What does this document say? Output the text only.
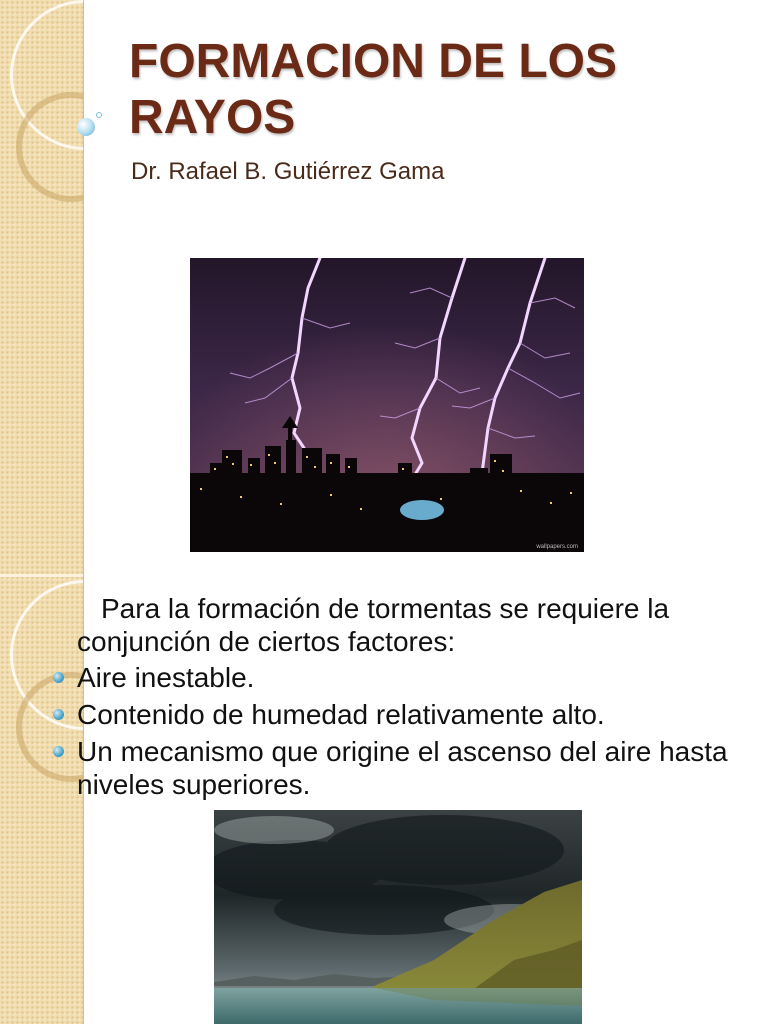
FORMACION DE LOS RAYOS
Dr. Rafael B. Gutiérrez Gama
wallpapers.com

Para la formación de tormentas se requiere la conjunción de ciertos factores:

Aire inestable.
Contenido de humedad relativamente alto.
Un mecanismo que origine el ascenso del aire hasta niveles superiores.
